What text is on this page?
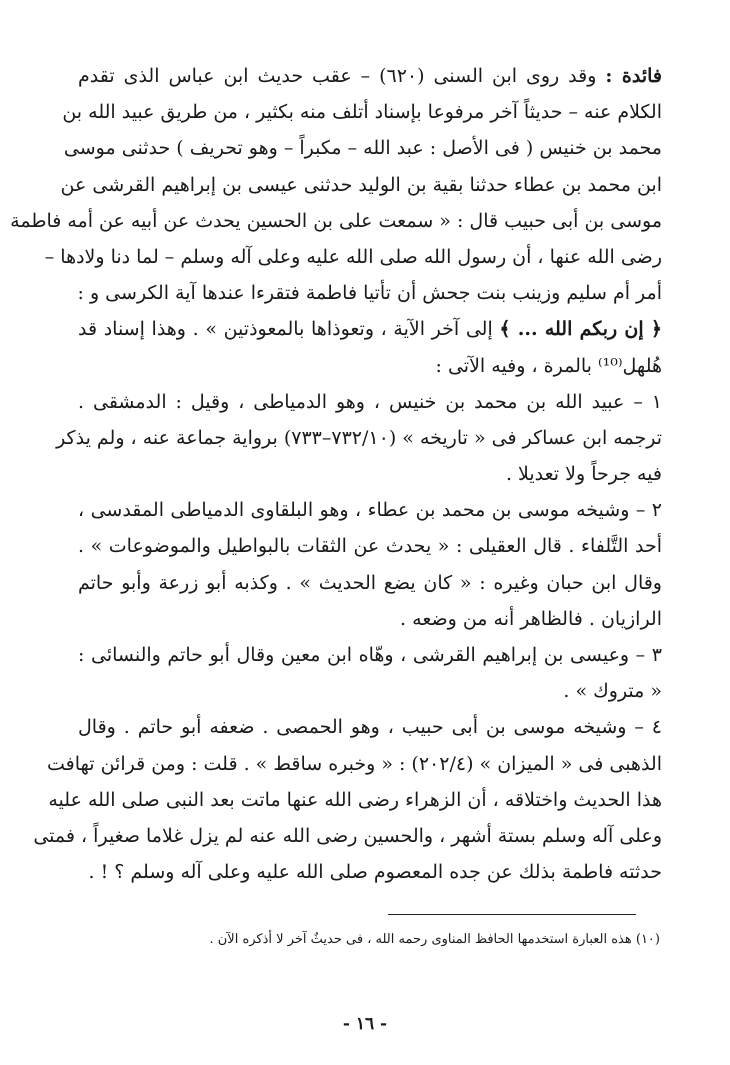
فائدة : وقد روى ابن السنى (٦٢٠) – عقب حديث ابن عباس الذى تقدم
الكلام عنه – حديثاً آخر مرفوعا بإسناد أتلف منه بكثير ، من طريق عبيد الله بن
محمد بن خنيس ( فى الأصل : عبد الله – مكبراً – وهو تحريف ) حدثنى موسى
ابن محمد بن عطاء حدثنا بقية بن الوليد حدثنى عيسى بن إبراهيم القرشى عن
موسى بن أبى حبيب قال : « سمعت على بن الحسين يحدث عن أبيه عن أمه فاطمة
رضى الله عنها ، أن رسول الله صلى الله عليه وعلى آله وسلم – لما دنا ولادها –
أمر أم سليم وزينب بنت جحش أن تأتيا فاطمة فتقرءا عندها آية الكرسى و :
﴿ إن ربكم الله ... ﴾ إلى آخر الآية ، وتعوذاها بالمعوذتين » . وهذا إسناد قد
هُلهل⁽¹⁰⁾ بالمرة ، وفيه الآتى :
١ – عبيد الله بن محمد بن خنيس ، وهو الدمياطى ، وقيل : الدمشقى .
ترجمه ابن عساكر فى « تاريخه » (٧٣٢/١٠–٧٣٣) برواية جماعة عنه ، ولم يذكر
فيه جرحاً ولا تعديلا .
٢ – وشيخه موسى بن محمد بن عطاء ، وهو البلقاوى الدمياطى المقدسى ،
أحد التَّلفاء . قال العقيلى : « يحدث عن الثقات بالبواطيل والموضوعات » .
وقال ابن حبان وغيره : « كان يضع الحديث » . وكذبه أبو زرعة وأبو حاتم
الرازيان . فالظاهر أنه من وضعه .
٣ – وعيسى بن إبراهيم القرشى ، وهّاه ابن معين وقال أبو حاتم والنسائى :
« متروك » .
٤ – وشيخه موسى بن أبى حبيب ، وهو الحمصى . ضعفه أبو حاتم . وقال
الذهبى فى « الميزان » (٢٠٢/٤) : « وخبره ساقط » . قلت : ومن قرائن تهافت
هذا الحديث واختلاقه ، أن الزهراء رضى الله عنها ماتت بعد النبى صلى الله عليه
وعلى آله وسلم بستة أشهر ، والحسين رضى الله عنه لم يزل غلاما صغيراً ، فمتى
حدثته فاطمة بذلك عن جده المعصوم صلى الله عليه وعلى آله وسلم ؟ ! .
(١٠) هذه العبارة استخدمها الحافظ المناوى رحمه الله ، فى حديثٌ آخر لا أذكره الآن .
- ١٦ -
